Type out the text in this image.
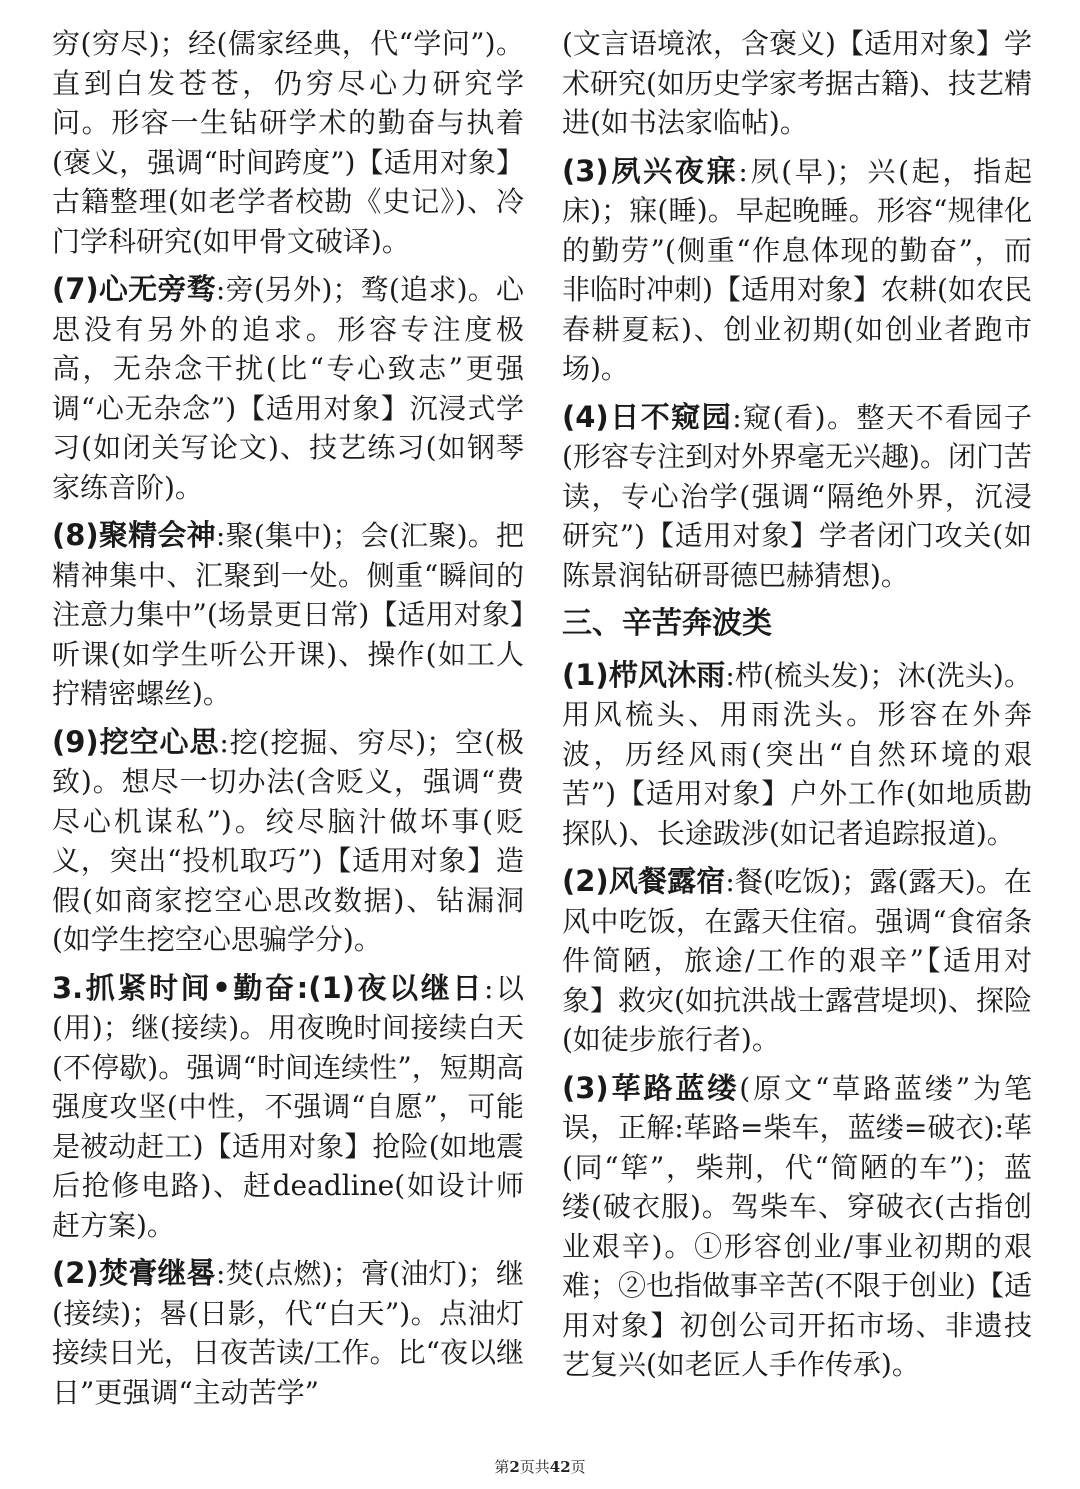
穷(穷尽)；经(儒家经典，代“学问”)。直到白发苍苍，仍穷尽心力研究学问。形容一生钻研学术的勤奋与执着(褒义，强调“时间跨度”)【适用对象】古籍整理(如老学者校勘《史记》)、冷门学科研究(如甲骨文破译)。

(7)心无旁骛:旁(另外)；骛(追求)。心思没有另外的追求。形容专注度极高，无杂念干扰(比“专心致志”更强调“心无杂念”)【适用对象】沉浸式学习(如闭关写论文)、技艺练习(如钢琴家练音阶)。

(8)聚精会神:聚(集中)；会(汇聚)。把精神集中、汇聚到一处。侧重“瞬间的注意力集中”(场景更日常)【适用对象】听课(如学生听公开课)、操作(如工人拧精密螺丝)。

(9)挖空心思:挖(挖掘、穷尽)；空(极致)。想尽一切办法(含贬义，强调“费尽心机谋私”)。绞尽脑汁做坏事(贬义，突出“投机取巧”)【适用对象】造假(如商家挖空心思改数据)、钻漏洞(如学生挖空心思骗学分)。

3.抓紧时间•勤奋:(1)夜以继日:以(用)；继(接续)。用夜晚时间接续白天(不停歇)。强调“时间连续性”，短期高强度攻坚(中性，不强调“自愿”，可能是被动赶工)【适用对象】抢险(如地震后抢修电路)、赶deadline(如设计师赶方案)。

(2)焚膏继晷:焚(点燃)；膏(油灯)；继(接续)；晷(日影，代“白天”)。点油灯接续日光，日夜苦读/工作。比“夜以继日”更强调“主动苦学”

(文言语境浓，含褒义)【适用对象】学术研究(如历史学家考据古籍)、技艺精进(如书法家临帖)。

(3)夙兴夜寐:夙(早)；兴(起，指起床)；寐(睡)。早起晚睡。形容“规律化的勤劳”(侧重“作息体现的勤奋”，而非临时冲刺)【适用对象】农耕(如农民春耕夏耘)、创业初期(如创业者跑市场)。

(4)日不窥园:窥(看)。整天不看园子(形容专注到对外界毫无兴趣)。闭门苦读，专心治学(强调“隔绝外界，沉浸研究”)【适用对象】学者闭门攻关(如陈景润钻研哥德巴赫猜想)。

三、辛苦奔波类

(1)栉风沐雨:栉(梳头发)；沐(洗头)。用风梳头、用雨洗头。形容在外奔波，历经风雨(突出“自然环境的艰苦”)【适用对象】户外工作(如地质勘探队)、长途跋涉(如记者追踪报道)。

(2)风餐露宿:餐(吃饭)；露(露天)。在风中吃饭，在露天住宿。强调“食宿条件简陋，旅途/工作的艰辛”【适用对象】救灾(如抗洪战士露营堤坝)、探险(如徒步旅行者)。

(3)荜路蓝缕(原文“草路蓝缕”为笔误，正解:荜路=柴车，蓝缕=破衣):荜(同“筚”，柴荆，代“简陋的车”)；蓝缕(破衣服)。驾柴车、穿破衣(古指创业艰辛)。①形容创业/事业初期的艰难；②也指做事辛苦(不限于创业)【适用对象】初创公司开拓市场、非遗技艺复兴(如老匠人手作传承)。

第2页共42页
